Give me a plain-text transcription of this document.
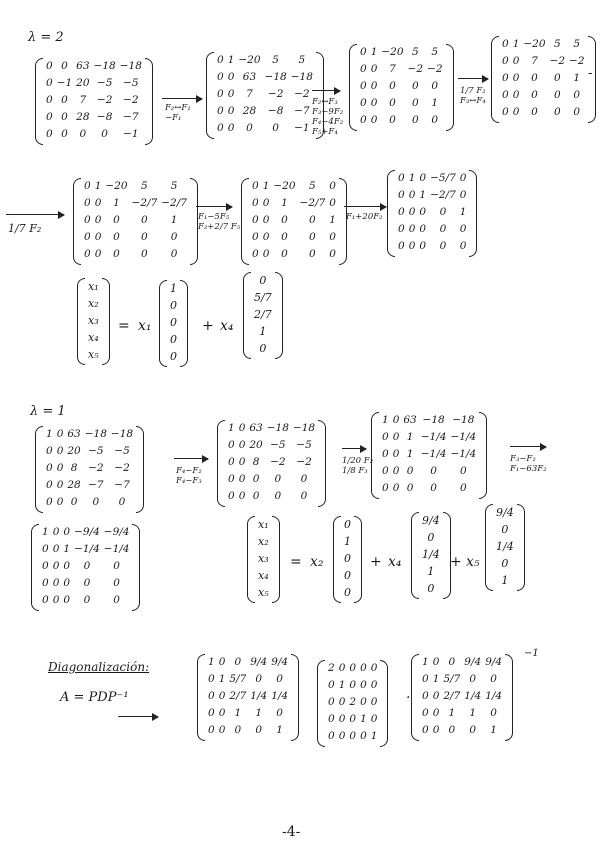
λ = 2
0	0	63	−18	−18
0	−1	20	−5	−5
0	0	7	−2	−2
0	0	28	−8	−7
0	0	0	0	−1
F₂↔F₁
−F₁
0	1	−20	5	5
0	0	63	−18	−18
0	0	7	−2	−2
0	0	28	−8	−7
0	0	0	0	−1
F₂↔F₃
F₃−9F₂
F₄−4F₂
F₅+F₄
0	1	−20	5	5
0	0	7	−2	−2
0	0	0	0	0
0	0	0	0	1
0	0	0	0	0
1/7 F₂
F₃↔F₄
0	1	−20	5	5
0	0	7	−2	−2
0	0	0	0	1
0	0	0	0	0
0	0	0	0	0
-
1/7 F₂
0	1	−20	5	5
0	0	1	−2/7	−2/7
0	0	0	0	1
0	0	0	0	0
0	0	0	0	0
F₁−5F₅
F₂+2/7 F₅
0	1	−20	5	0
0	0	1	−2/7	0
0	0	0	0	1
0	0	0	0	0
0	0	0	0	0
F₁+20F₂
0	1	0	−5/7	0
0	0	1	−2/7	0
0	0	0	0	1
0	0	0	0	0
0	0	0	0	0
x₁
x₂
x₃
x₄
x₅
= x₁
1
0
0
0
0
+ x₄
0
5/7
2/7
1
0
λ = 1
1	0	63	−18	−18
0	0	20	−5	−5
0	0	8	−2	−2
0	0	28	−7	−7
0	0	0	0	0
F₄−F₂
F₄−F₃
1	0	63	−18	−18
0	0	20	−5	−5
0	0	8	−2	−2
0	0	0	0	0
0	0	0	0	0
1/20 F₂
1/8 F₃
1	0	63	−18	−18
0	0	1	−1/4	−1/4
0	0	1	−1/4	−1/4
0	0	0	0	0
0	0	0	0	0
F₃−F₂
F₁−63F₂
1	0	0	−9/4	−9/4
0	0	1	−1/4	−1/4
0	0	0	0	0
0	0	0	0	0
0	0	0	0	0
x₁
x₂
x₃
x₄
x₅
= x₂
0
1
0
0
0
+ x₄
9/4
0
1/4
1
0
+ x₅
9/4
0
1/4
0
1
Diagonalización:
A = PDP⁻¹
1	0	0	9/4	9/4
0	1	5/7	0	0
0	0	2/7	1/4	1/4
0	0	1	1	0
0	0	0	0	1
2	0	0	0	0
0	1	0	0	0
0	0	2	0	0
0	0	0	1	0
0	0	0	0	1
·
1	0	0	9/4	9/4
0	1	5/7	0	0
0	0	2/7	1/4	1/4
0	0	1	1	0
0	0	0	0	1
−1
-4-
